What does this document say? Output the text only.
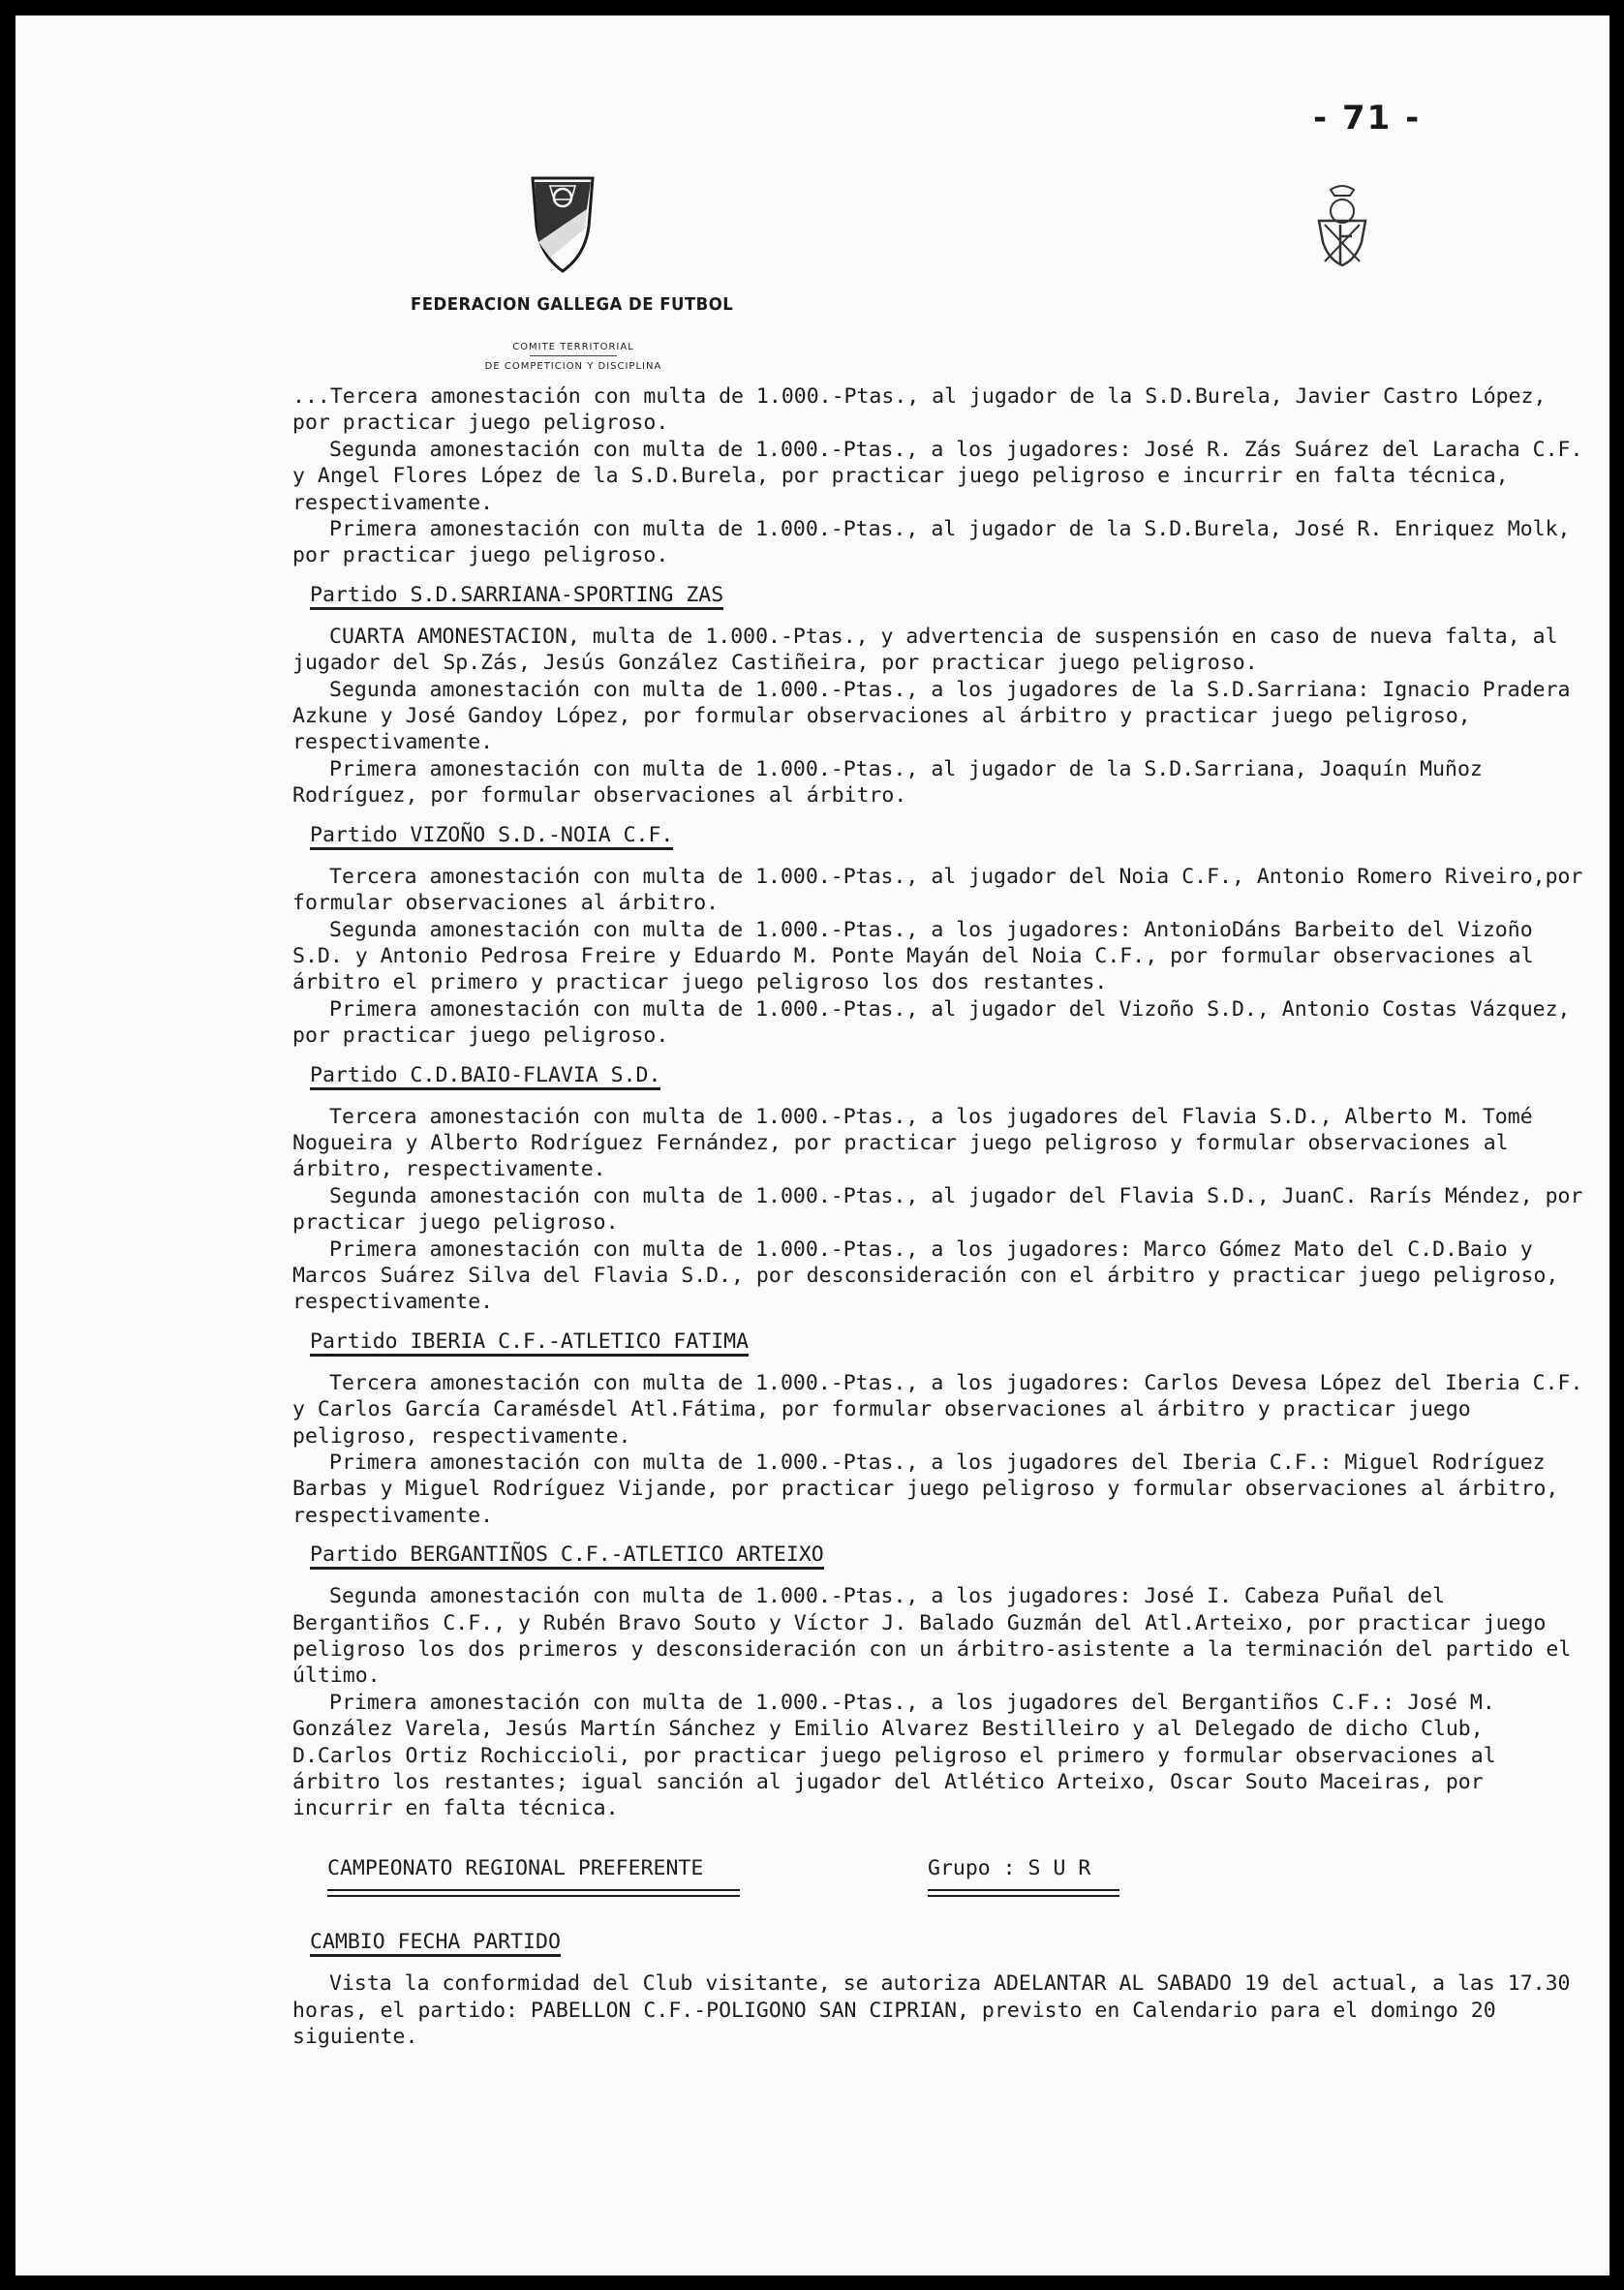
- 71 -
FEDERACION GALLEGA DE FUTBOL
COMITE TERRITORIAL
DE COMPETICION Y DISCIPLINA

...Tercera amonestación con multa de 1.000.-Ptas., al jugador de la S.D.Burela, Javier Castro López, por practicar juego peligroso.

Segunda amonestación con multa de 1.000.-Ptas., a los jugadores: José R. Zás Suárez del Laracha C.F. y Angel Flores López de la S.D.Burela, por practicar juego peligroso e incurrir en falta técnica, respectivamente.

Primera amonestación con multa de 1.000.-Ptas., al jugador de la S.D.Burela, José R. Enriquez Molk, por practicar juego peligroso.

Partido S.D.SARRIANA-SPORTING ZAS

CUARTA AMONESTACION, multa de 1.000.-Ptas., y advertencia de suspensión en caso de nueva falta, al jugador del Sp.Zás, Jesús González Castiñeira, por practicar juego peligroso.

Segunda amonestación con multa de 1.000.-Ptas., a los jugadores de la S.D.Sarriana: Ignacio Pradera Azkune y José Gandoy López, por formular observaciones al árbitro y practicar juego peligroso, respectivamente.

Primera amonestación con multa de 1.000.-Ptas., al jugador de la S.D.Sarriana, Joaquín Muñoz Rodríguez, por formular observaciones al árbitro.

Partido VIZOÑO S.D.-NOIA C.F.

Tercera amonestación con multa de 1.000.-Ptas., al jugador del Noia C.F., Antonio Romero Riveiro,por formular observaciones al árbitro.

Segunda amonestación con multa de 1.000.-Ptas., a los jugadores: AntonioDáns Barbeito del Vizoño S.D. y Antonio Pedrosa Freire y Eduardo M. Ponte Mayán del Noia C.F., por formular observaciones al árbitro el primero y practicar juego peligroso los dos restantes.

Primera amonestación con multa de 1.000.-Ptas., al jugador del Vizoño S.D., Antonio Costas Vázquez, por practicar juego peligroso.

Partido C.D.BAIO-FLAVIA S.D.

Tercera amonestación con multa de 1.000.-Ptas., a los jugadores del Flavia S.D., Alberto M. Tomé Nogueira y Alberto Rodríguez Fernández, por practicar juego peligroso y formular observaciones al árbitro, respectivamente.

Segunda amonestación con multa de 1.000.-Ptas., al jugador del Flavia S.D., JuanC. Rarís Méndez, por practicar juego peligroso.

Primera amonestación con multa de 1.000.-Ptas., a los jugadores: Marco Gómez Mato del C.D.Baio y Marcos Suárez Silva del Flavia S.D., por desconsideración con el árbitro y practicar juego peligroso, respectivamente.

Partido IBERIA C.F.-ATLETICO FATIMA

Tercera amonestación con multa de 1.000.-Ptas., a los jugadores: Carlos Devesa López del Iberia C.F. y Carlos García Caramésdel Atl.Fátima, por formular observaciones al árbitro y practicar juego peligroso, respectivamente.

Primera amonestación con multa de 1.000.-Ptas., a los jugadores del Iberia C.F.: Miguel Rodríguez Barbas y Miguel Rodríguez Vijande, por practicar juego peligroso y formular observaciones al árbitro, respectivamente.

Partido BERGANTIÑOS C.F.-ATLETICO ARTEIXO

Segunda amonestación con multa de 1.000.-Ptas., a los jugadores: José I. Cabeza Puñal del Bergantiños C.F., y Rubén Bravo Souto y Víctor J. Balado Guzmán del Atl.Arteixo, por practicar juego peligroso los dos primeros y desconsideración con un árbitro-asistente a la terminación del partido el último.

Primera amonestación con multa de 1.000.-Ptas., a los jugadores del Bergantiños C.F.: José M. González Varela, Jesús Martín Sánchez y Emilio Alvarez Bestilleiro y al Delegado de dicho Club, D.Carlos Ortiz Rochiccioli, por practicar juego peligroso el primero y formular observaciones al árbitro los restantes; igual sanción al jugador del Atlético Arteixo, Oscar Souto Maceiras, por incurrir en falta técnica.

CAMPEONATO REGIONAL PREFERENTE	Grupo : S U R
CAMBIO FECHA PARTIDO

Vista la conformidad del Club visitante, se autoriza ADELANTAR AL SABADO 19 del actual, a las 17.30 horas, el partido: PABELLON C.F.-POLIGONO SAN CIPRIAN, previsto en Calendario para el domingo 20 siguiente.
